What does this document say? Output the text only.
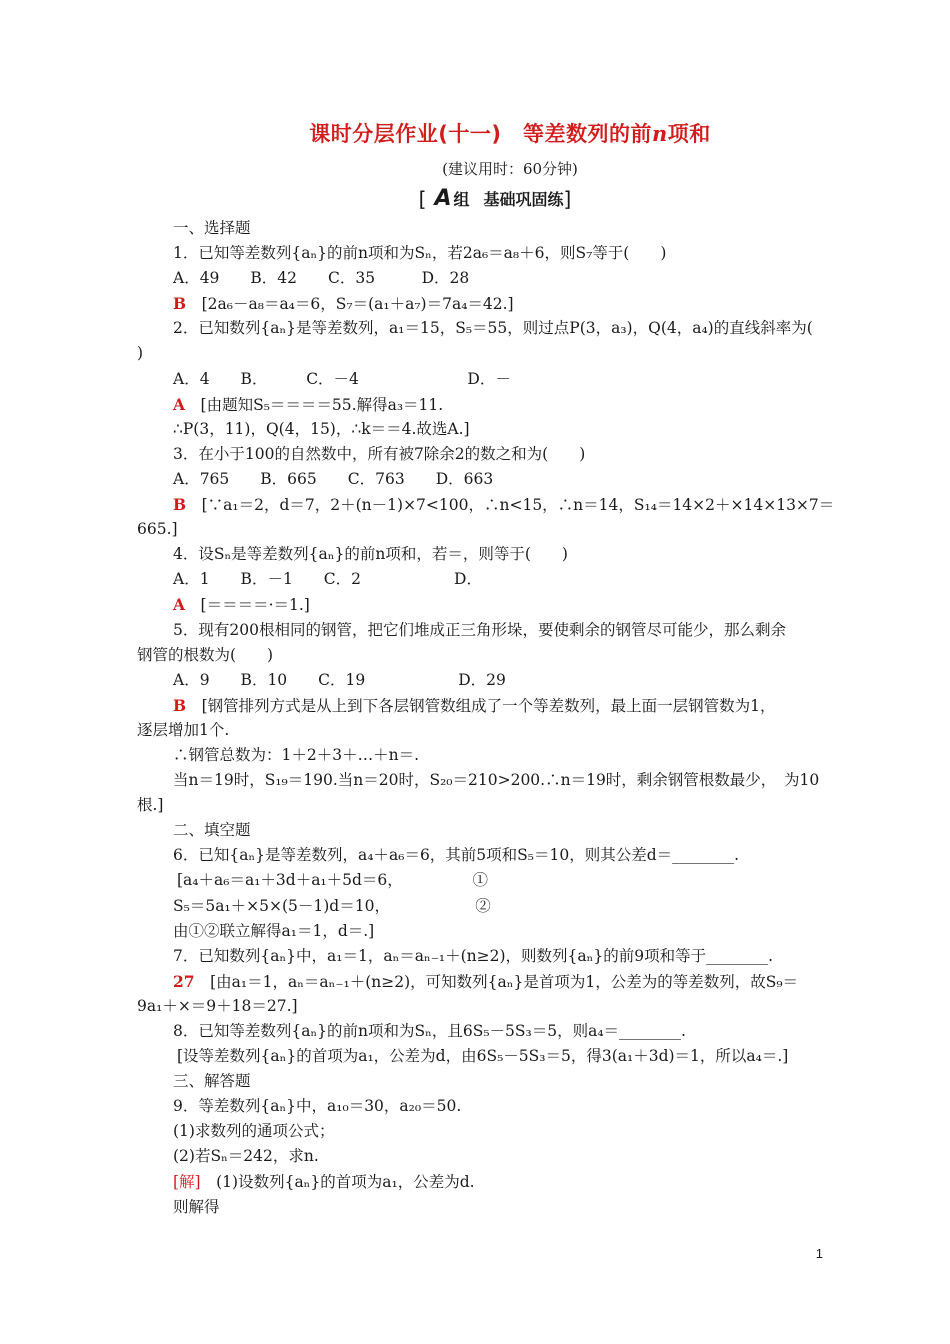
课时分层作业(十一)　等差数列的前n项和
(建议用时：60分钟)
[ A 组 基础巩固练]
一、选择题
1．已知等差数列{aₙ}的前n项和为Sₙ，若2a₆＝a₈＋6，则S₇等于(　　)
A．49　　B．42　　C．35　　　D．28
B　 [2a₆－a₈＝a₄＝6，S₇＝(a₁＋a₇)＝7a₄＝42.]
2．已知数列{aₙ}是等差数列，a₁＝15，S₅＝55，则过点P(3，a₃)，Q(4，a₄)的直线斜率为(
)
A．4　　B．　　　C．－4　　　　　　　D．－
A　 [由题知S₅＝＝＝＝55.解得a₃＝11.
∴P(3，11)，Q(4，15)，∴k＝＝4.故选A.]
3．在小于100的自然数中，所有被7除余2的数之和为(　　)
A．765　　B．665　　C．763　　D．663
B　 [∵a₁＝2，d＝7，2＋(n－1)×7<100，∴n<15，∴n＝14，S₁₄＝14×2＋×14×13×7＝
665.]
4．设Sₙ是等差数列{aₙ}的前n项和，若＝，则等于(　　)
A．1　　B．－1　　C．2　　　　　　D．
A　 [＝＝＝＝·＝1.]
5．现有200根相同的钢管，把它们堆成正三角形垛，要使剩余的钢管尽可能少，那么剩余
钢管的根数为(　　)
A．9　　B．10　　C．19　　　　　　D．29
B　 [钢管排列方式是从上到下各层钢管数组成了一个等差数列，最上面一层钢管数为1，
逐层增加1个.
∴钢管总数为：1＋2＋3＋…＋n＝.
当n＝19时，S₁₉＝190.当n＝20时，S₂₀＝210>200.∴n＝19时，剩余钢管根数最少，　为10
根.]
二、填空题
6．已知{aₙ}是等差数列，a₄＋a₆＝6，其前5项和S₅＝10，则其公差d＝________.
[a₄＋a₆＝a₁＋3d＋a₁＋5d＝6，　　　　　①
S₅＝5a₁＋×5×(5－1)d＝10，　　　　　　②
由①②联立解得a₁＝1，d＝.]
7．已知数列{aₙ}中，a₁＝1，aₙ＝aₙ₋₁＋(n≥2)，则数列{aₙ}的前9项和等于________.
27　 [由a₁＝1，aₙ＝aₙ₋₁＋(n≥2)，可知数列{aₙ}是首项为1，公差为的等差数列，故S₉＝
9a₁＋×＝9＋18＝27.]
8．已知等差数列{aₙ}的前n项和为Sₙ，且6S₅－5S₃＝5，则a₄＝________.
[设等差数列{aₙ}的首项为a₁，公差为d，由6S₅－5S₃＝5，得3(a₁＋3d)＝1，所以a₄＝.]
三、解答题
9．等差数列{aₙ}中，a₁₀＝30，a₂₀＝50.
(1)求数列的通项公式；
(2)若Sₙ＝242，求n.
[解]　 (1)设数列{aₙ}的首项为a₁，公差为d.
则解得
1
